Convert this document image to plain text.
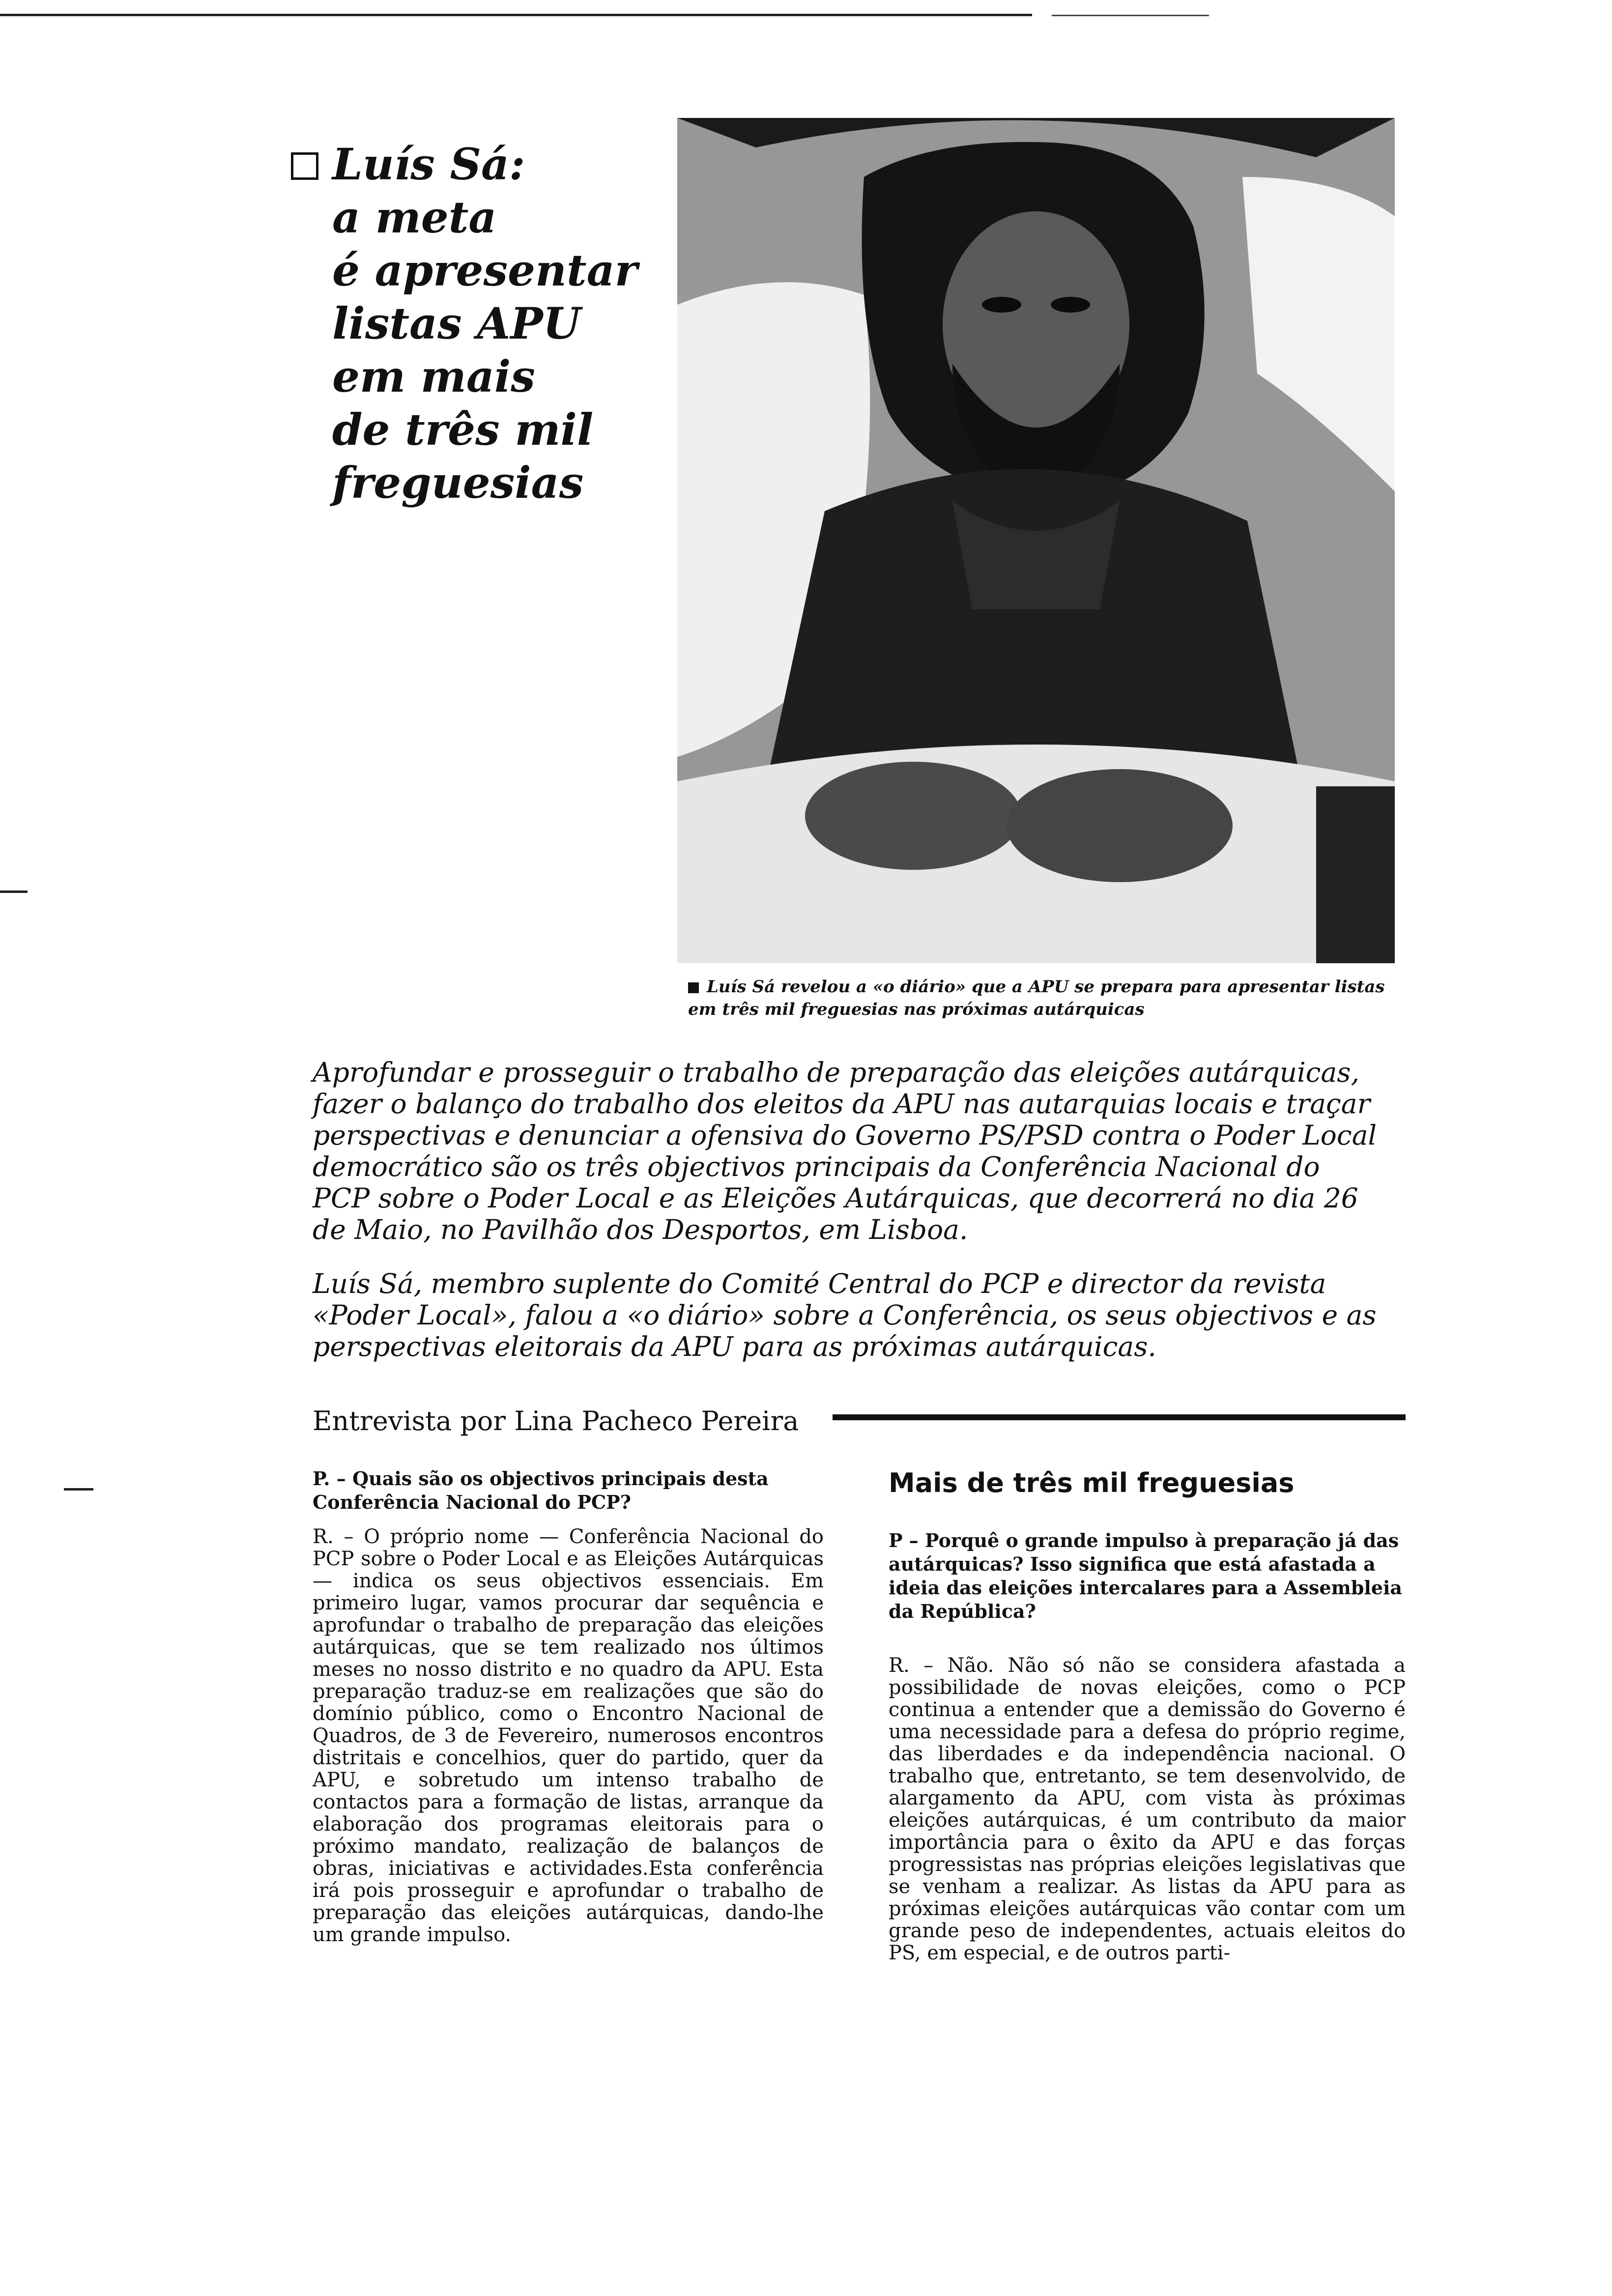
Luís Sá:
a meta
é apresentar
listas APU
em mais
de três mil
freguesias

Luís Sá revelou a «o diário» que a APU se prepara para apresentar listas em três mil freguesias nas próximas autárquicas

Aprofundar e prosseguir o trabalho de preparação das eleições autárquicas, fazer o balanço do trabalho dos eleitos da APU nas autarquias locais e traçar perspectivas e denunciar a ofensiva do Governo PS/PSD contra o Poder Local democrático são os três objectivos principais da Conferência Nacional do PCP sobre o Poder Local e as Eleições Autárquicas, que decorrerá no dia 26 de Maio, no Pavilhão dos Desportos, em Lisboa.

Luís Sá, membro suplente do Comité Central do PCP e director da revista «Poder Local», falou a «o diário» sobre a Conferência, os seus objectivos e as perspectivas eleitorais da APU para as próximas autárquicas.

Entrevista por Lina Pacheco Pereira

P. – Quais são os objectivos principais desta Conferência Nacional do PCP?

R. – O próprio nome — Conferência Nacional do PCP sobre o Poder Local e as Eleições Autárquicas — indica os seus objectivos essenciais. Em primeiro lugar, vamos procurar dar sequência e aprofundar o trabalho de preparação das eleições autárquicas, que se tem realizado nos últimos meses no nosso distrito e no quadro da APU. Esta preparação traduz-se em realizações que são do domínio público, como o Encontro Nacional de Quadros, de 3 de Fevereiro, numerosos encontros distritais e concelhios, quer do partido, quer da APU, e sobretudo um intenso trabalho de contactos para a formação de listas, arranque da elaboração dos programas eleitorais para o próximo mandato, realização de balanços de obras, iniciativas e actividades.Esta conferência irá pois prosseguir e aprofundar o trabalho de preparação das eleições autárquicas, dando-lhe um grande impulso.

Mais de três mil freguesias

P – Porquê o grande impulso à preparação já das autárquicas? Isso significa que está afastada a ideia das eleições intercalares para a Assembleia da República?

R. – Não. Não só não se considera afastada a possibilidade de novas eleições, como o PCP continua a entender que a demissão do Governo é uma necessidade para a defesa do próprio regime, das liberdades e da independência nacional. O trabalho que, entretanto, se tem desenvolvido, de alargamento da APU, com vista às próximas eleições autárquicas, é um contributo da maior importância para o êxito da APU e das forças progressistas nas próprias eleições legislativas que se venham a realizar. As listas da APU para as próximas eleições autárquicas vão contar com um grande peso de independentes, actuais eleitos do PS, em especial, e de outros parti-
